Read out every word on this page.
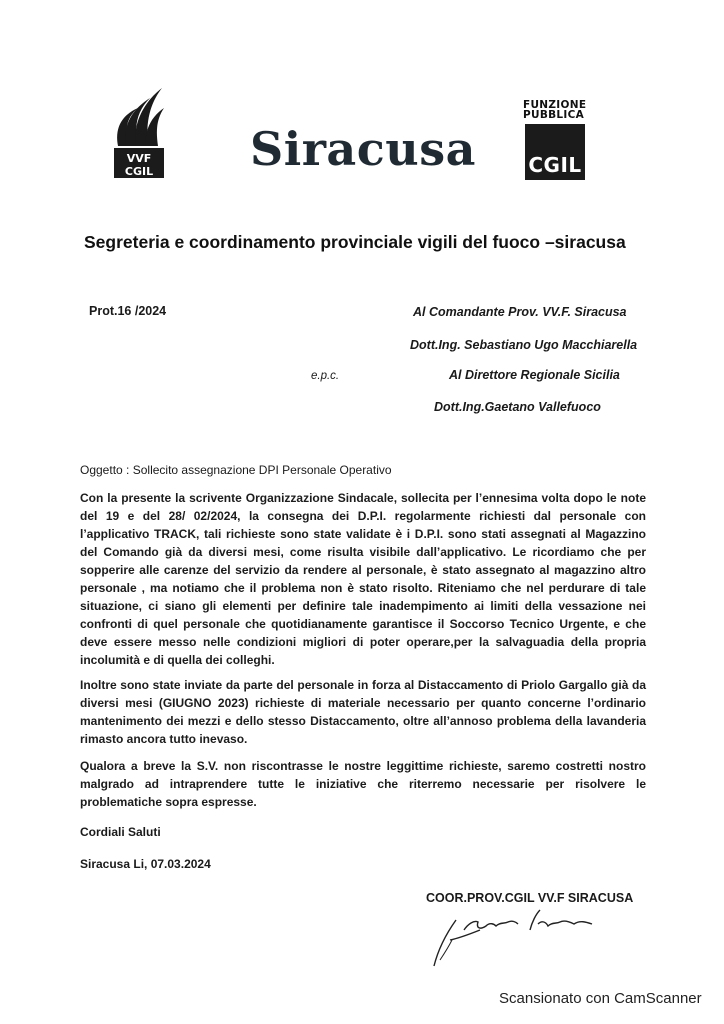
VVF
CGIL Siracusa
FUNZIONE
PUBBLICA
CGIL
Segreteria e coordinamento provinciale vigili del fuoco –siracusa
Prot.16 /2024	Al Comandante Prov. VV.F. Siracusa
Dott.Ing. Sebastiano Ugo Macchiarella
e.p.c.	Al Direttore Regionale Sicilia
Dott.Ing.Gaetano Vallefuoco
Oggetto : Sollecito assegnazione DPI Personale Operativo
Con la presente la scrivente Organizzazione Sindacale, sollecita per l’ennesima volta dopo le note del 19 e del 28/ 02/2024, la consegna dei D.P.I. regolarmente richiesti dal personale con l’applicativo TRACK, tali richieste sono state validate è i D.P.I. sono stati assegnati al Magazzino del Comando già da diversi mesi, come risulta visibile dall’applicativo. Le ricordiamo che per sopperire alle carenze del servizio da rendere al personale, è stato assegnato al magazzino altro personale , ma notiamo che il problema non è stato risolto. Riteniamo che nel perdurare di tale situazione, ci siano gli elementi per definire tale inadempimento ai limiti della vessazione nei confronti di quel personale che quotidianamente garantisce il Soccorso Tecnico Urgente, e che deve essere messo nelle condizioni migliori di poter operare,per la salvaguadia della propria incolumità e di quella dei colleghi.
Inoltre sono state inviate da parte del personale in forza al Distaccamento di Priolo Gargallo già da diversi mesi (GIUGNO 2023) richieste di materiale necessario per quanto concerne l’ordinario mantenimento dei mezzi e dello stesso Distaccamento, oltre all’annoso problema della lavanderia rimasto ancora tutto inevaso.
Qualora a breve la S.V. non riscontrasse le nostre leggittime richieste, saremo costretti nostro malgrado ad intraprendere tutte le iniziative che riterremo necessarie per risolvere le problematiche sopra espresse.
Cordiali Saluti
Siracusa Li, 07.03.2024
COOR.PROV.CGIL VV.F SIRACUSA
Scansionato con CamScanner
